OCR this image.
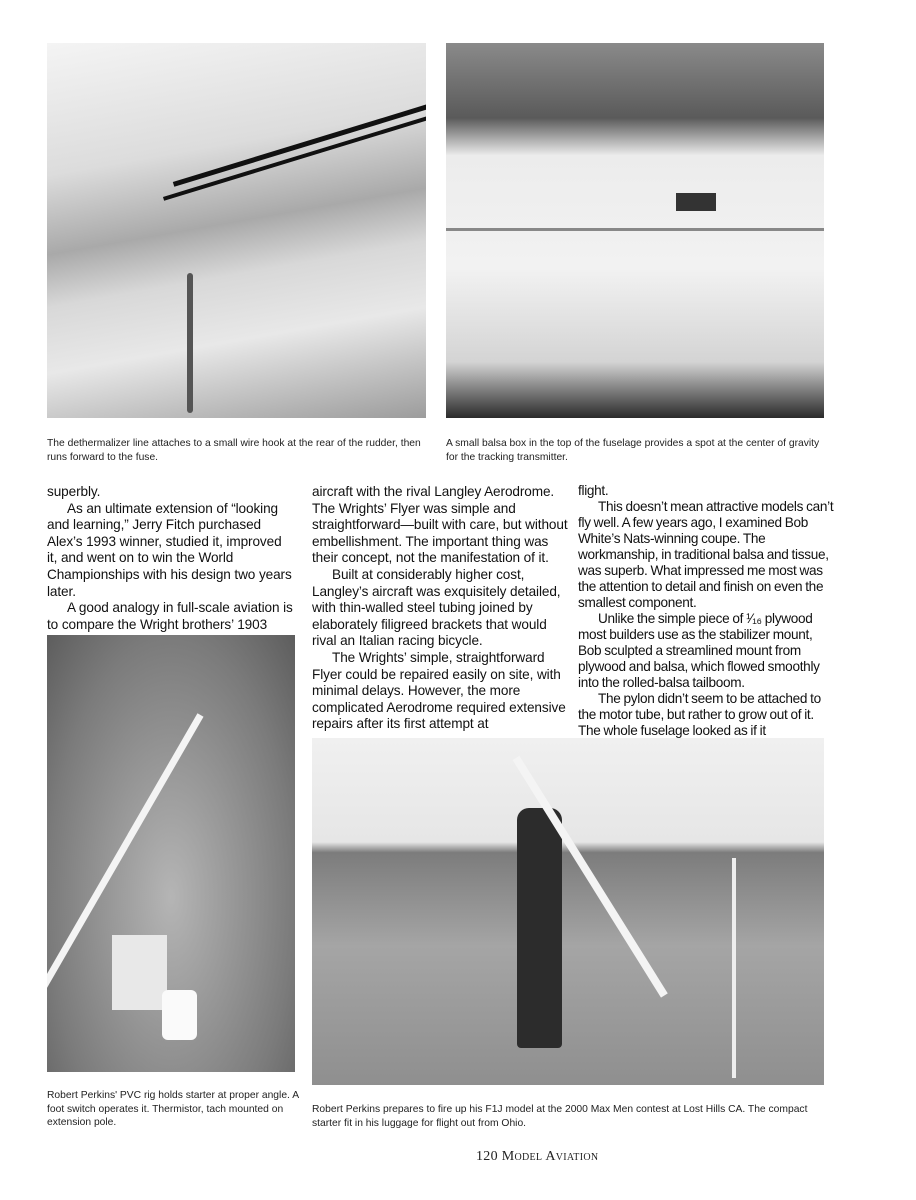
The dethermalizer line attaches to a small wire hook at the rear of the rudder, then runs forward to the fuse.
A small balsa box in the top of the fuselage provides a spot at the center of gravity for the tracking transmitter.

superbly.

As an ultimate extension of “looking and learning,” Jerry Fitch purchased Alex’s 1993 winner, studied it, improved it, and went on to win the World Championships with his design two years later.

A good analogy in full-scale aviation is to compare the Wright brothers’ 1903

aircraft with the rival Langley Aerodrome. The Wrights’ Flyer was simple and straightforward—built with care, but without embellishment. The important thing was their concept, not the manifestation of it.

Built at considerably higher cost, Langley’s aircraft was exquisitely detailed, with thin-walled steel tubing joined by elaborately filigreed brackets that would rival an Italian racing bicycle.

The Wrights’ simple, straightforward Flyer could be repaired easily on site, with minimal delays. However, the more complicated Aerodrome required extensive repairs after its first attempt at

flight.

This doesn’t mean attractive models can’t fly well. A few years ago, I examined Bob White’s Nats-winning coupe. The workmanship, in traditional balsa and tissue, was superb. What impressed me most was the attention to detail and finish on even the smallest component.

Unlike the simple piece of ¹⁄₁₆ plywood most builders use as the stabilizer mount, Bob sculpted a streamlined mount from plywood and balsa, which flowed smoothly into the rolled-balsa tailboom.

The pylon didn’t seem to be attached to the motor tube, but rather to grow out of it. The whole fuselage looked as if it

Robert Perkins' PVC rig holds starter at proper angle. A foot switch operates it. Thermistor, tach mounted on extension pole.
Robert Perkins prepares to fire up his F1J model at the 2000 Max Men contest at Lost Hills CA. The compact starter fit in his luggage for flight out from Ohio.
120 Model Aviation
